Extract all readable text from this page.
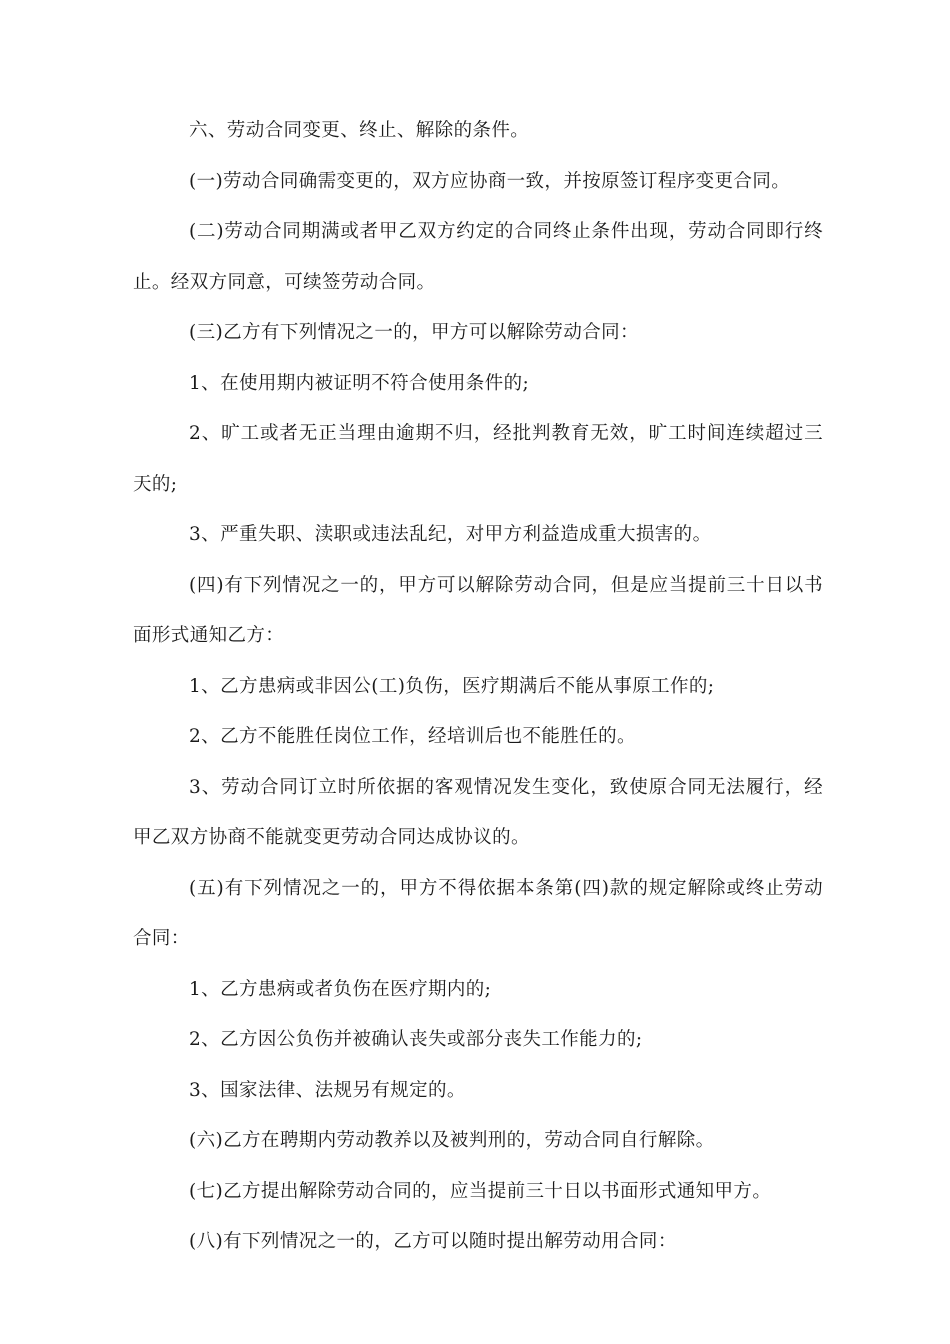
六、劳动合同变更、终止、解除的条件。

(一)劳动合同确需变更的，双方应协商一致，并按原签订程序变更合同。

(二)劳动合同期满或者甲乙双方约定的合同终止条件出现，劳动合同即行终止。经双方同意，可续签劳动合同。

(三)乙方有下列情况之一的，甲方可以解除劳动合同：

1、在使用期内被证明不符合使用条件的;

2、旷工或者无正当理由逾期不归，经批判教育无效，旷工时间连续超过三天的;

3、严重失职、渎职或违法乱纪，对甲方利益造成重大损害的。

(四)有下列情况之一的，甲方可以解除劳动合同，但是应当提前三十日以书面形式通知乙方：

1、乙方患病或非因公(工)负伤，医疗期满后不能从事原工作的;

2、乙方不能胜任岗位工作，经培训后也不能胜任的。

3、劳动合同订立时所依据的客观情况发生变化，致使原合同无法履行，经甲乙双方协商不能就变更劳动合同达成协议的。

(五)有下列情况之一的，甲方不得依据本条第(四)款的规定解除或终止劳动合同：

1、乙方患病或者负伤在医疗期内的;

2、乙方因公负伤并被确认丧失或部分丧失工作能力的;

3、国家法律、法规另有规定的。

(六)乙方在聘期内劳动教养以及被判刑的，劳动合同自行解除。

(七)乙方提出解除劳动合同的，应当提前三十日以书面形式通知甲方。

(八)有下列情况之一的，乙方可以随时提出解劳动用合同：
